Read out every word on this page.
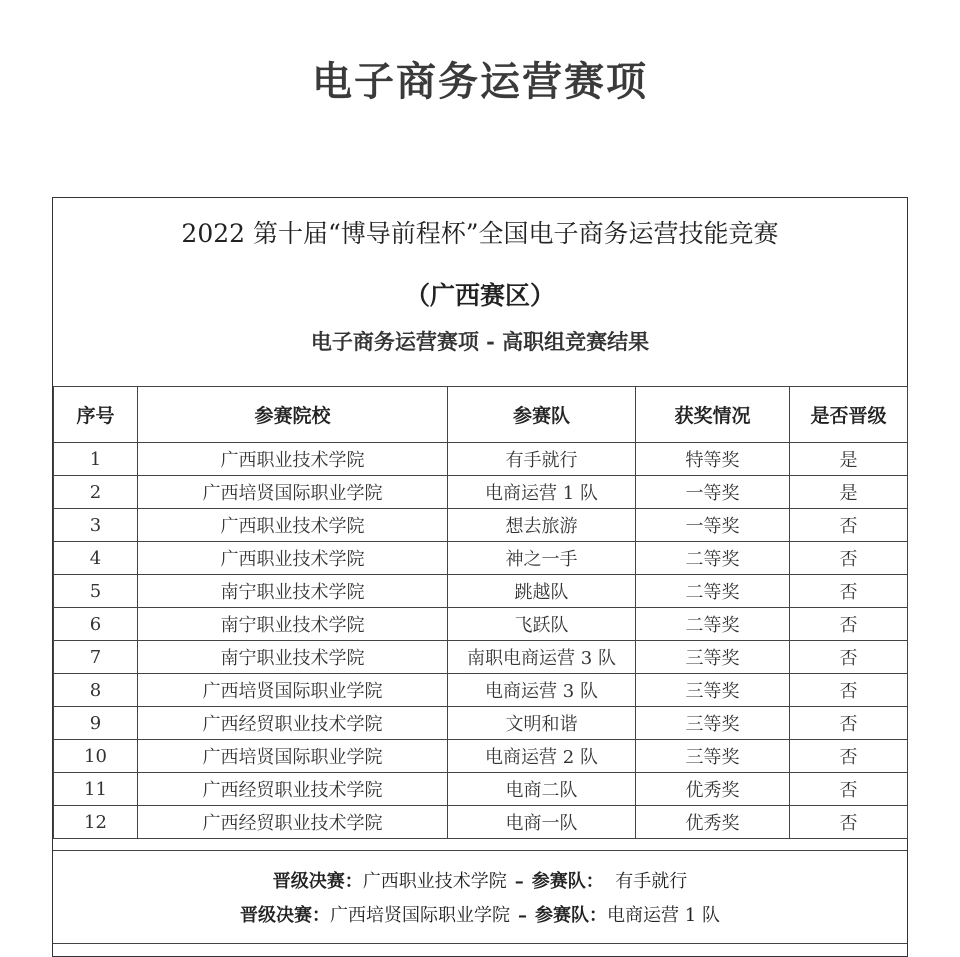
电子商务运营赛项
2022 第十届“博导前程杯”全国电子商务运营技能竞赛
（广西赛区）
电子商务运营赛项 - 高职组竞赛结果
序号	参赛院校	参赛队	获奖情况	是否晋级
1	广西职业技术学院	有手就行	特等奖	是
2	广西培贤国际职业学院	电商运营 1 队	一等奖	是
3	广西职业技术学院	想去旅游	一等奖	否
4	广西职业技术学院	神之一手	二等奖	否
5	南宁职业技术学院	跳越队	二等奖	否
6	南宁职业技术学院	飞跃队	二等奖	否
7	南宁职业技术学院	南职电商运营 3 队	三等奖	否
8	广西培贤国际职业学院	电商运营 3 队	三等奖	否
9	广西经贸职业技术学院	文明和谐	三等奖	否
10	广西培贤国际职业学院	电商运营 2 队	三等奖	否
11	广西经贸职业技术学院	电商二队	优秀奖	否
12	广西经贸职业技术学院	电商一队	优秀奖	否
晋级决赛：广西职业技术学院 – 参赛队： 有手就行
晋级决赛：广西培贤国际职业学院 – 参赛队：电商运营 1 队
